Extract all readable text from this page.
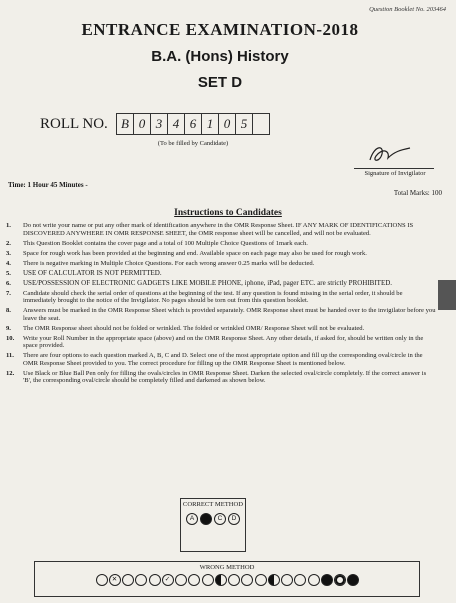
Question Booklet No. 203464
ENTRANCE EXAMINATION-2018
B.A. (Hons) History
SET D
ROLL NO.	B 0 3 4 6 1 0 5
(To be filled by Candidate)
Signature of Invigilator
Time: 1 Hour 45 Minutes -
Total Marks: 100
Instructions to Candidates
1.	Do not write your name or put any other mark of identification anywhere in the OMR Response Sheet. IF ANY MARK OF IDENTIFICATIONS IS DISCOVERED ANYWHERE IN OMR RESPONSE SHEET, the OMR response sheet will be cancelled, and will not be evaluated.
2.	This Question Booklet contains the cover page and a total of 100 Multiple Choice Questions of 1mark each.
3.	Space for rough work has been provided at the beginning and end. Available space on each page may also be used for rough work.
4.	There is negative marking in Multiple Choice Questions. For each wrong answer 0.25 marks will be deducted.
5.	USE OF CALCULATOR IS NOT PERMITTED.
6.	USE/POSSESSION OF ELECTRONIC GADGETS LIKE MOBILE PHONE, iphone, iPad, pager ETC. are strictly PROHIBITED.
7.	Candidate should check the serial order of questions at the beginning of the test. If any question is found missing in the serial order, it should be immediately brought to the notice of the Invigilator. No pages should be torn out from this question booklet.
8.	Answers must be marked in the OMR Response Sheet which is provided separately. OMR Response sheet must be handed over to the invigilator before you leave the seat.
9.	The OMR Response sheet should not be folded or wrinkled. The folded or wrinkled OMR/ Response Sheet will not be evaluated.
10.	Write your Roll Number in the appropriate space (above) and on the OMR Response Sheet. Any other details, if asked for, should be written only in the space provided.
11.	There are four options to each question marked A, B, C and D. Select one of the most appropriate option and fill up the corresponding oval/circle in the OMR Response Sheet provided to you. The correct procedure for filling up the OMR Response Sheet is mentioned below.
12.	Use Black or Blue Ball Pen only for filling the ovals/circles in OMR Response Sheet. Darken the selected oval/circle completely. If the correct answer is 'B', the corresponding oval/circle should be completely filled and darkened as shown below.
CORRECT METHOD
A	B	C	D
WRONG METHOD
✕
✓
